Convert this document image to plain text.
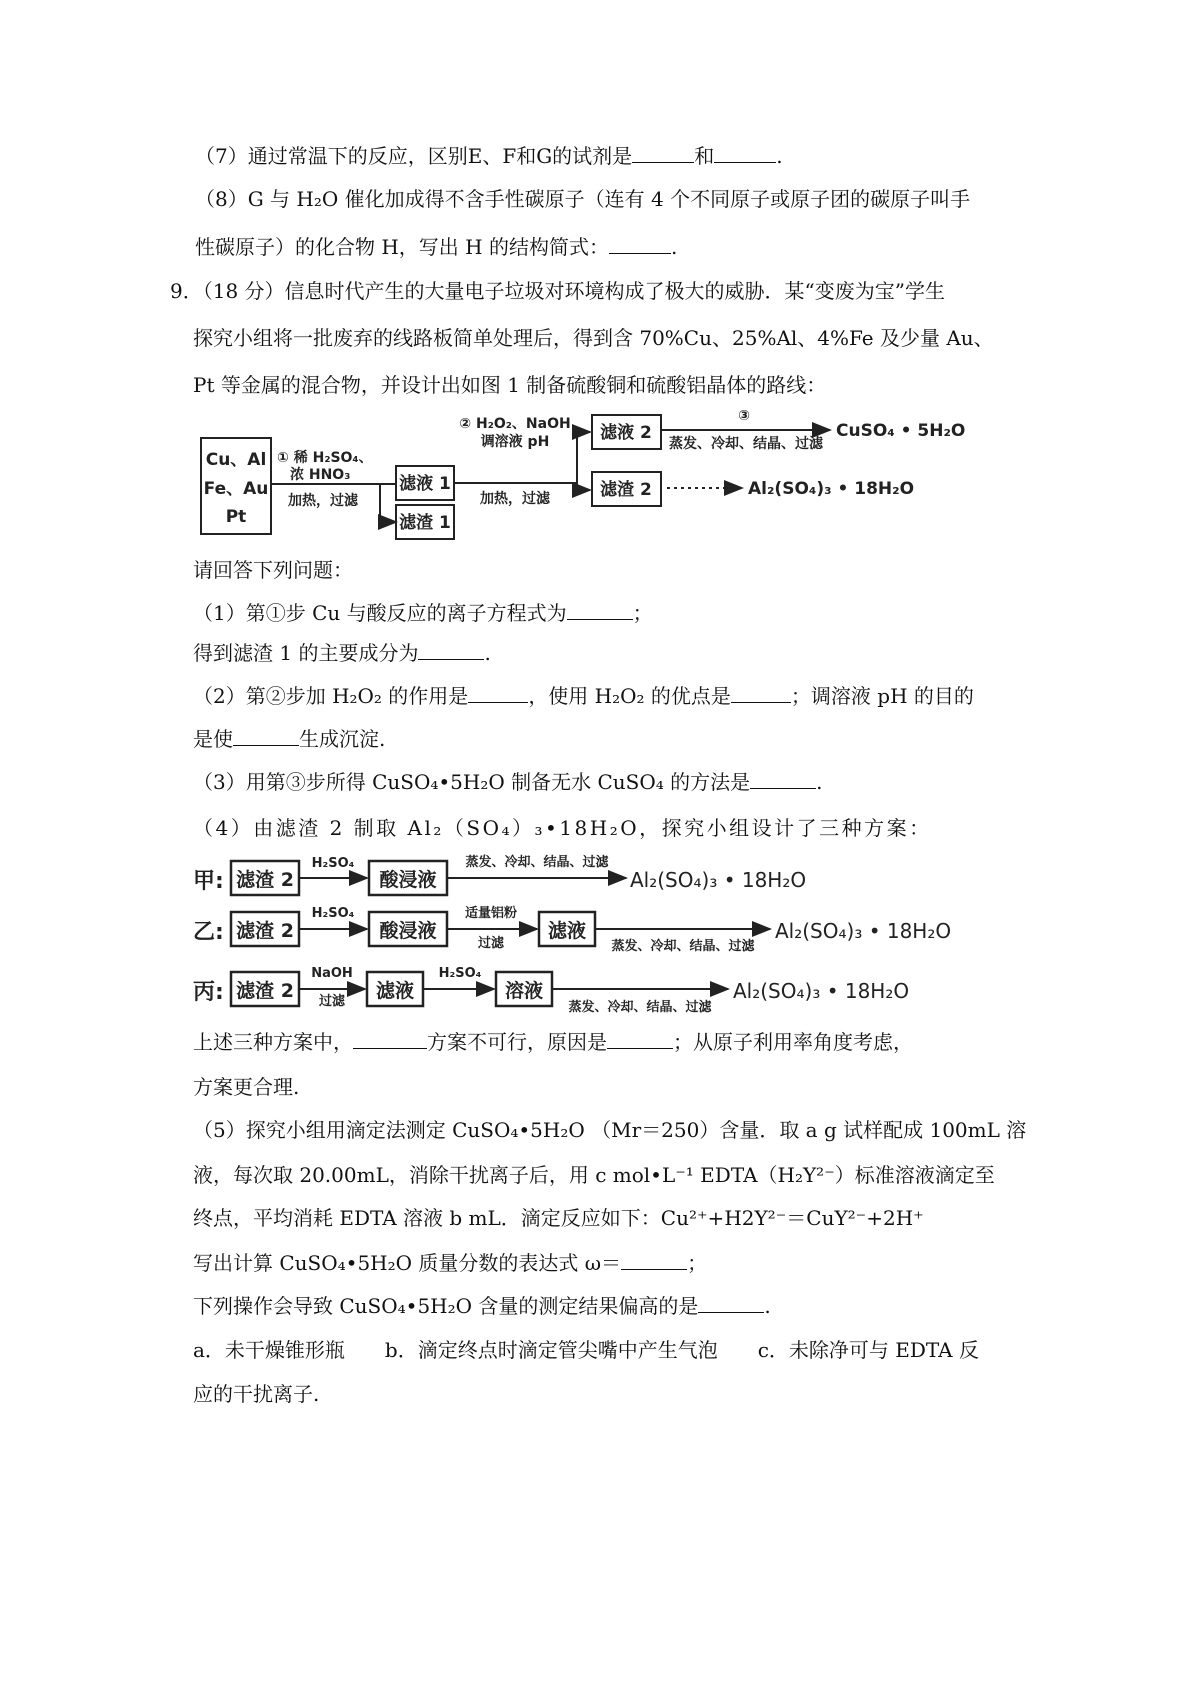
（7）通过常温下的反应，区别E、F和G的试剂是	和	.
（8）G 与 H₂O 催化加成得不含手性碳原子（连有 4 个不同原子或原子团的碳原子叫手
性碳原子）的化合物 H，写出 H 的结构简式：	.
9．（18 分）信息时代产生的大量电子垃圾对环境构成了极大的威胁．某“变废为宝”学生
探究小组将一批废弃的线路板简单处理后，得到含 70%Cu、25%Al、4%Fe 及少量 Au、
Pt 等金属的混合物，并设计出如图 1 制备硫酸铜和硫酸铝晶体的路线：
Cu、Al
Fe、Au
Pt
① 稀 H₂SO₄、
浓 HNO₃
加热，过滤
滤液 1
滤渣 1
② H₂O₂、NaOH
调溶液 pH
加热，过滤
滤液 2
滤渣 2
③
蒸发、冷却、结晶、过滤
CuSO₄ • 5H₂O
Al₂(SO₄)₃ • 18H₂O
请回答下列问题：
（1）第①步 Cu 与酸反应的离子方程式为	；
得到滤渣 1 的主要成分为	.
（2）第②步加 H₂O₂ 的作用是	，使用 H₂O₂ 的优点是	；调溶液 pH 的目的
是使	生成沉淀.
（3）用第③步所得 CuSO₄•5H₂O 制备无水 CuSO₄ 的方法是	.
（4）由滤渣 2 制取 Al₂（SO₄）₃•18H₂O，探究小组设计了三种方案：
甲: 滤渣 2
H₂SO₄
酸浸液
蒸发、冷却、结晶、过滤
Al₂(SO₄)₃ • 18H₂O
乙: 滤渣 2
H₂SO₄
酸浸液
适量铝粉
过滤
滤液
蒸发、冷却、结晶、过滤
Al₂(SO₄)₃ • 18H₂O
丙: 滤渣 2
NaOH
过滤 滤液
H₂SO₄
溶液
蒸发、冷却、结晶、过滤
Al₂(SO₄)₃ • 18H₂O
上述三种方案中，	方案不可行，原因是	；从原子利用率角度考虑，
方案更合理.
（5）探究小组用滴定法测定 CuSO₄•5H₂O （Mr＝250）含量．取 a g 试样配成 100mL 溶
液，每次取 20.00mL，消除干扰离子后，用 c mol•L⁻¹ EDTA（H₂Y²⁻）标准溶液滴定至
终点，平均消耗 EDTA 溶液 b mL．滴定反应如下：Cu²⁺+H2Y²⁻＝CuY²⁻+2H⁺
写出计算 CuSO₄•5H₂O 质量分数的表达式 ω＝	；
下列操作会导致 CuSO₄•5H₂O 含量的测定结果偏高的是	.
a．未干燥锥形瓶　　b．滴定终点时滴定管尖嘴中产生气泡　　c．未除净可与 EDTA 反
应的干扰离子.
